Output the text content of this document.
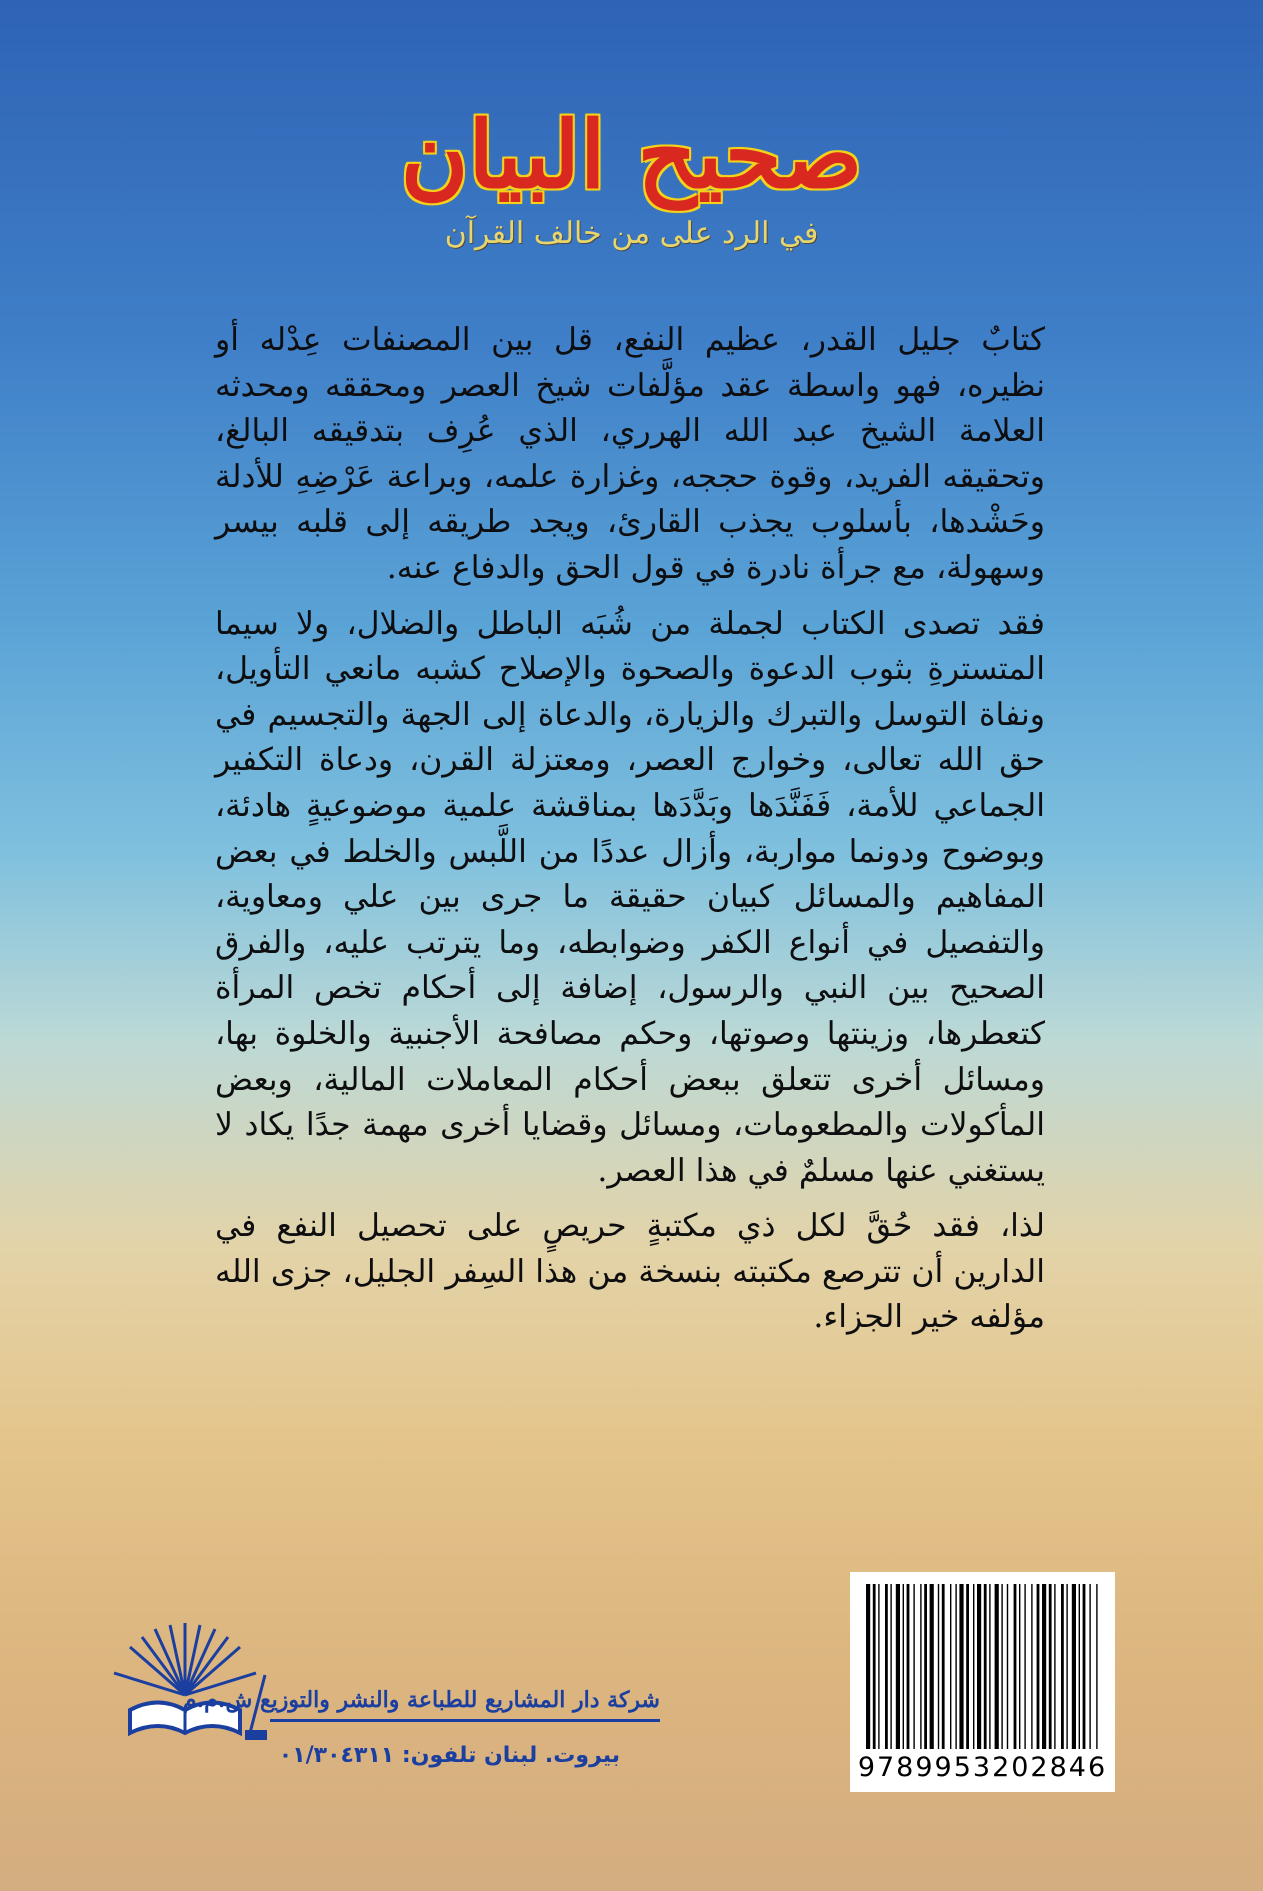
صحيح البيان
في الرد على من خالف القرآن

كتابٌ جليل القدر، عظيم النفع، قل بين المصنفات عِدْله أو نظيره، فهو واسطة عقد مؤلَّفات شيخ العصر ومحققه ومحدثه العلامة الشيخ عبد الله الهرري، الذي عُرِف بتدقيقه البالغ، وتحقيقه الفريد، وقوة حججه، وغزارة علمه، وبراعة عَرْضِهِ للأدلة وحَشْدها، بأسلوب يجذب القارئ، ويجد طريقه إلى قلبه بيسر وسهولة، مع جرأة نادرة في قول الحق والدفاع عنه.

فقد تصدى الكتاب لجملة من شُبَه الباطل والضلال، ولا سيما المتسترةِ بثوب الدعوة والصحوة والإصلاح كشبه مانعي التأويل، ونفاة التوسل والتبرك والزيارة، والدعاة إلى الجهة والتجسيم في حق الله تعالى، وخوارج العصر، ومعتزلة القرن، ودعاة التكفير الجماعي للأمة، فَفَنَّدَها وبَدَّدَها بمناقشة علمية موضوعيةٍ هادئة، وبوضوح ودونما مواربة، وأزال عددًا من اللَّبس والخلط في بعض المفاهيم والمسائل كبيان حقيقة ما جرى بين علي ومعاوية، والتفصيل في أنواع الكفر وضوابطه، وما يترتب عليه، والفرق الصحيح بين النبي والرسول، إضافة إلى أحكام تخص المرأة كتعطرها، وزينتها وصوتها، وحكم مصافحة الأجنبية والخلوة بها، ومسائل أخرى تتعلق ببعض أحكام المعاملات المالية، وبعض المأكولات والمطعومات، ومسائل وقضايا أخرى مهمة جدًا يكاد لا يستغني عنها مسلمٌ في هذا العصر.

لذا، فقد حُقَّ لكل ذي مكتبةٍ حريصٍ على تحصيل النفع في الدارين أن تترصع مكتبته بنسخة من هذا السِفر الجليل، جزى الله مؤلفه خير الجزاء.

9789953202846
شركة دار المشاريع للطباعة والنشر والتوزيع ش.م.م
بيروت. لبنان تلفون: ٠١/٣٠٤٣١١
